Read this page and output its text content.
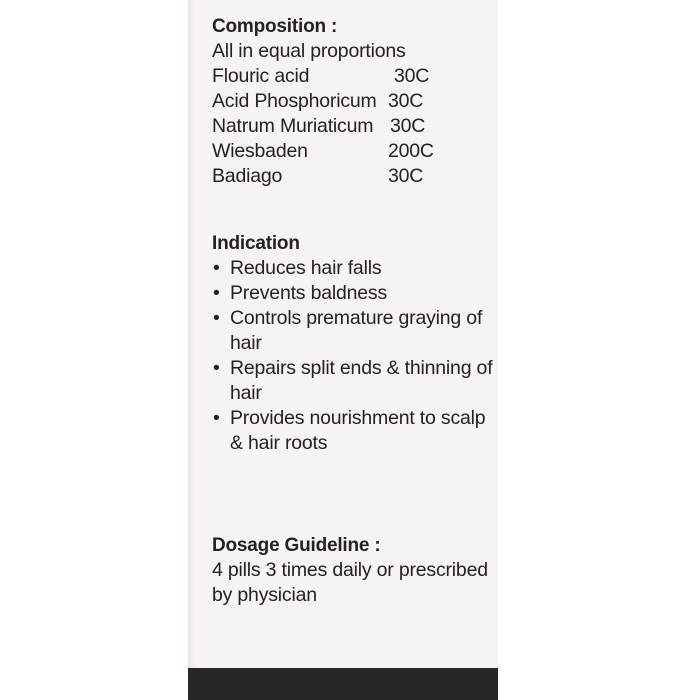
Composition :
All in equal proportions
Flouric acid	30C
Acid Phosphoricum 30C
Natrum Muriaticum 30C
Wiesbaden	200C
Badiago	30C
Indication
• Reduces hair falls
• Prevents baldness
• Controls premature graying of
hair
• Repairs split ends & thinning of
hair
• Provides nourishment to scalp
& hair roots
Dosage Guideline :
4 pills 3 times daily or prescribed
by physician
